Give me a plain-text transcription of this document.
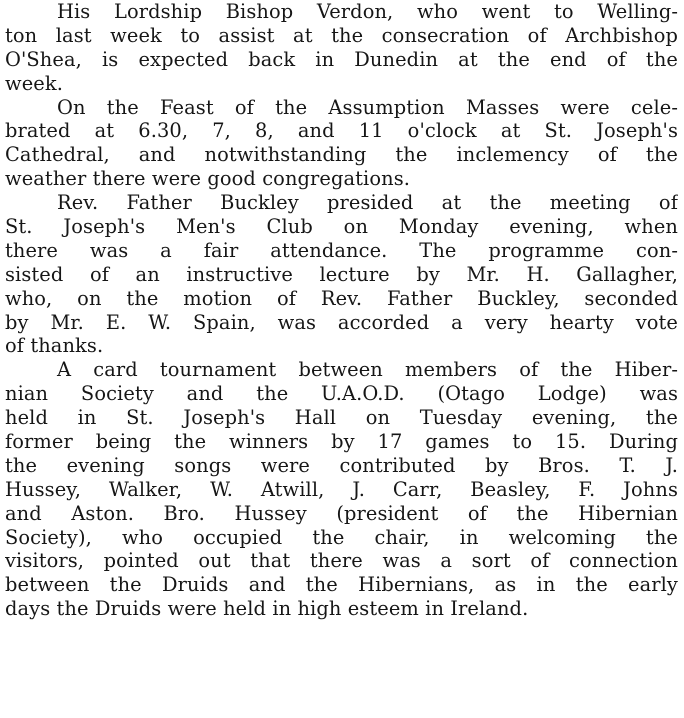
His Lordship Bishop Verdon, who went to Welling-
ton last week to assist at the consecration of Archbishop
O'Shea, is expected back in Dunedin at the end of the
week.
On the Feast of the Assumption Masses were cele-
brated at 6.30, 7, 8, and 11 o'clock at St. Joseph's
Cathedral, and notwithstanding the inclemency of the
weather there were good congregations.
Rev. Father Buckley presided at the meeting of
St. Joseph's Men's Club on Monday evening, when
there was a fair attendance. The programme con-
sisted of an instructive lecture by Mr. H. Gallagher,
who, on the motion of Rev. Father Buckley, seconded
by Mr. E. W. Spain, was accorded a very hearty vote
of thanks.
A card tournament between members of the Hiber-
nian Society and the U.A.O.D. (Otago Lodge) was
held in St. Joseph's Hall on Tuesday evening, the
former being the winners by 17 games to 15. During
the evening songs were contributed by Bros. T. J.
Hussey, Walker, W. Atwill, J. Carr, Beasley, F. Johns
and Aston. Bro. Hussey (president of the Hibernian
Society), who occupied the chair, in welcoming the
visitors, pointed out that there was a sort of connection
between the Druids and the Hibernians, as in the early
days the Druids were held in high esteem in Ireland.
